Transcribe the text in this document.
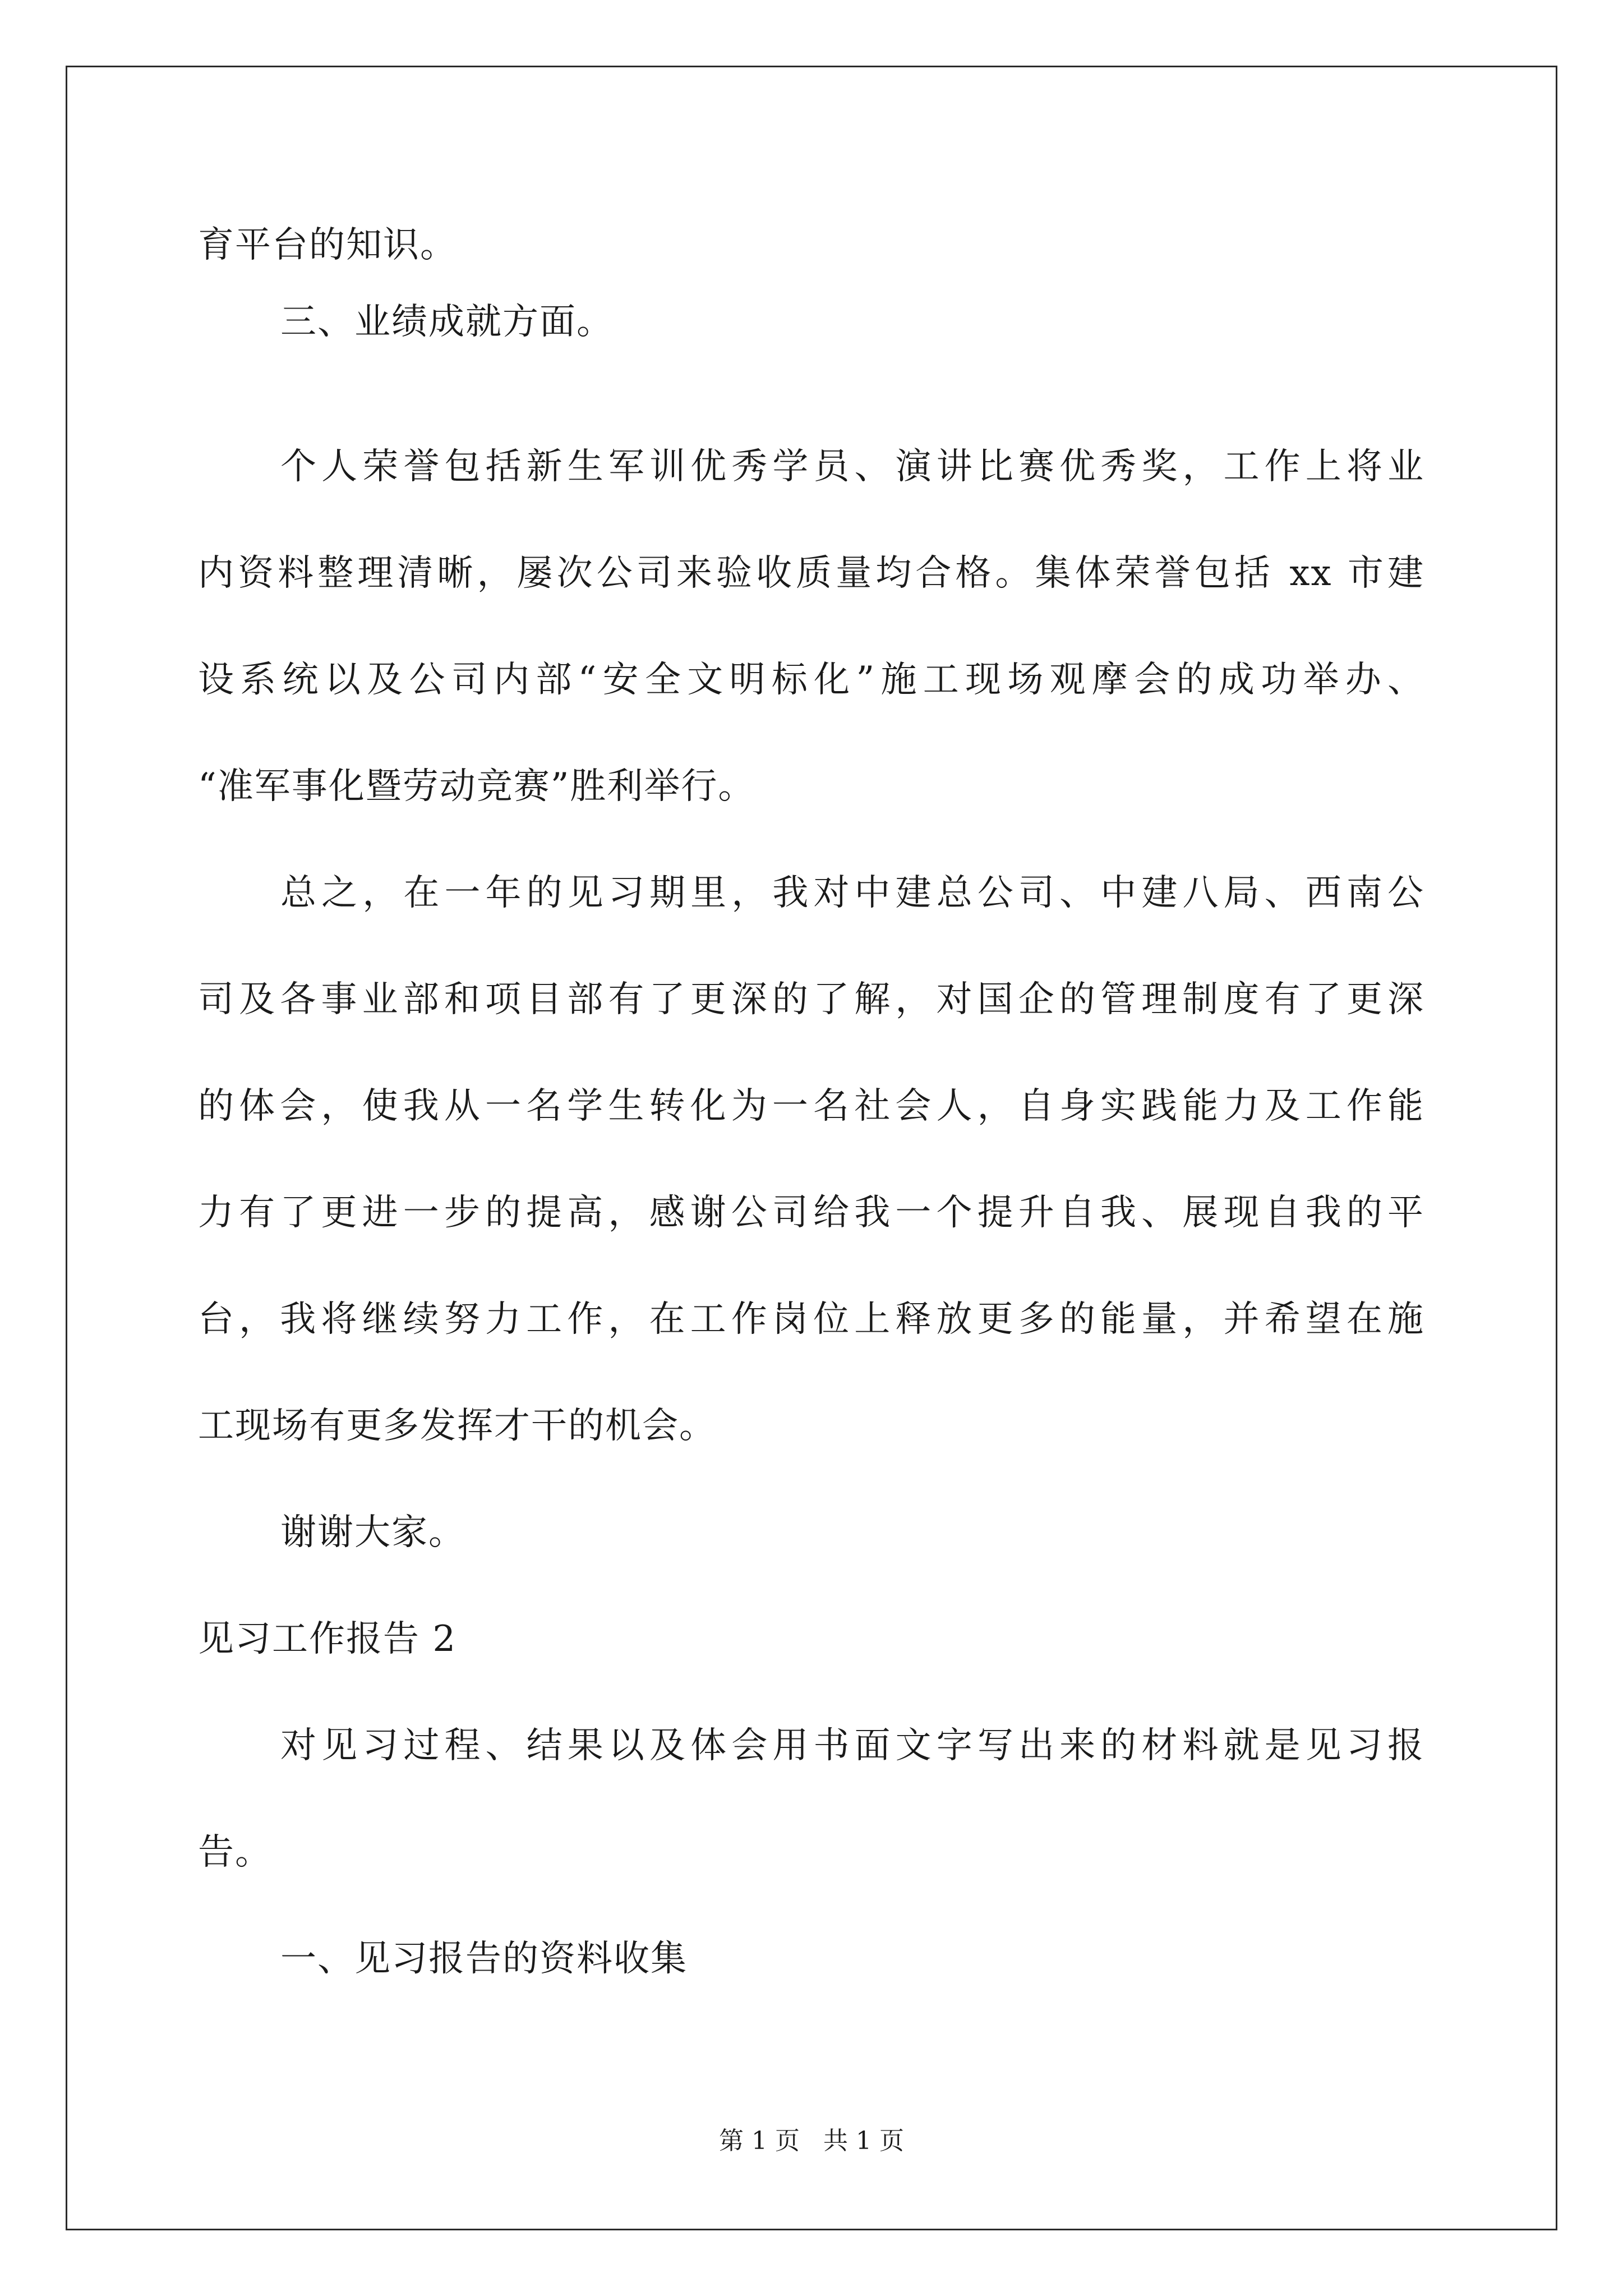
育平台的知识。
三、业绩成就方面。
个人荣誉包括新生军训优秀学员、演讲比赛优秀奖，工作上将业
内资料整理清晰，屡次公司来验收质量均合格。集体荣誉包括 xx 市建
设系统以及公司内部“安全文明标化”施工现场观摩会的成功举办、
“准军事化暨劳动竞赛”胜利举行。
总之，在一年的见习期里，我对中建总公司、中建八局、西南公
司及各事业部和项目部有了更深的了解，对国企的管理制度有了更深
的体会，使我从一名学生转化为一名社会人，自身实践能力及工作能
力有了更进一步的提高，感谢公司给我一个提升自我、展现自我的平
台，我将继续努力工作，在工作岗位上释放更多的能量，并希望在施
工现场有更多发挥才干的机会。
谢谢大家。
见习工作报告 2
对见习过程、结果以及体会用书面文字写出来的材料就是见习报
告。
一、见习报告的资料收集
第 1 页   共 1 页
